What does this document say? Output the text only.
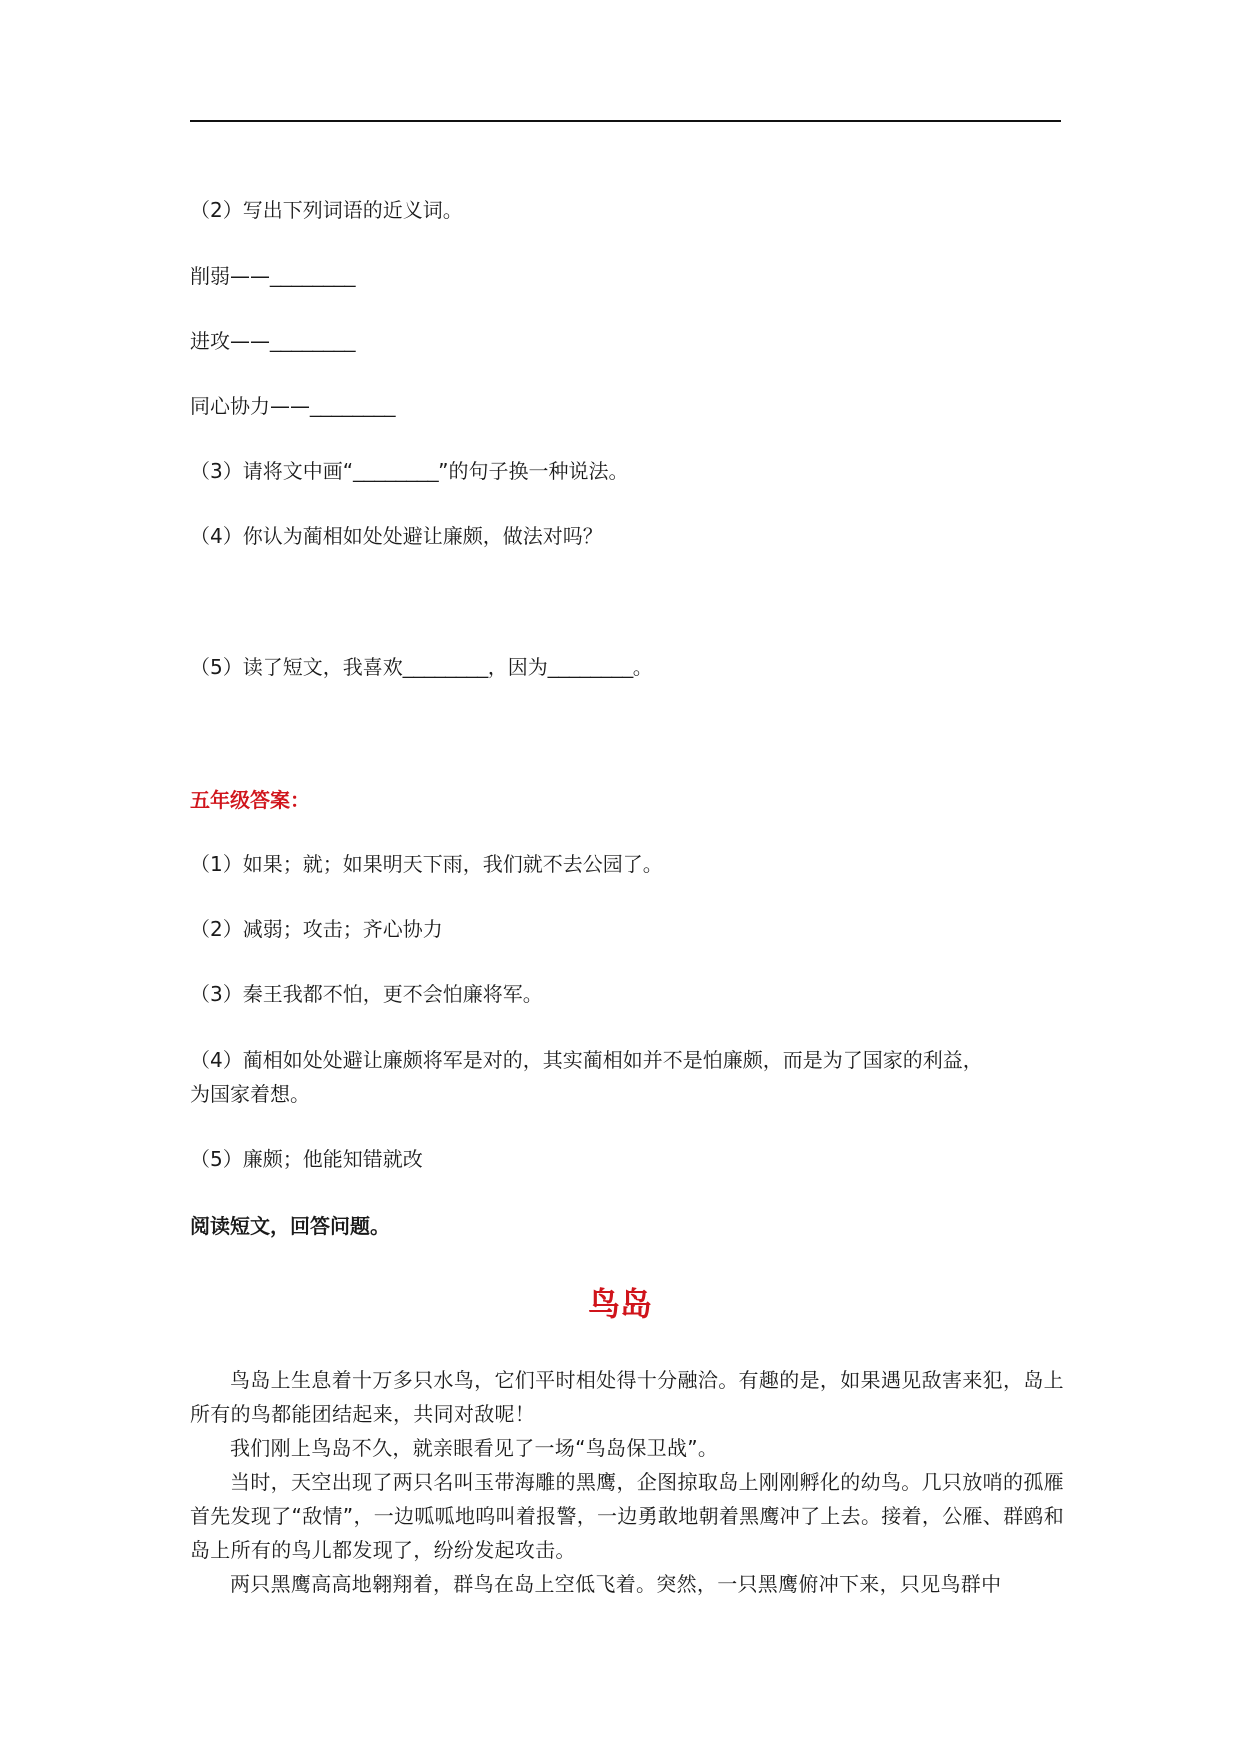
（2）写出下列词语的近义词。
削弱——________
进攻——________
同心协力——________
（3）请将文中画“________”的句子换一种说法。
（4）你认为蔺相如处处避让廉颇，做法对吗？
（5）读了短文，我喜欢________，因为________。
五年级答案：
（1）如果；就；如果明天下雨，我们就不去公园了。
（2）减弱；攻击；齐心协力
（3）秦王我都不怕，更不会怕廉将军。
（4）蔺相如处处避让廉颇将军是对的，其实蔺相如并不是怕廉颇，而是为了国家的利益，
为国家着想。
（5）廉颇；他能知错就改
阅读短文，回答问题。
鸟岛

鸟岛上生息着十万多只水鸟，它们平时相处得十分融洽。有趣的是，如果遇见敌害来犯，岛上所有的鸟都能团结起来，共同对敌呢！

我们刚上鸟岛不久，就亲眼看见了一场“鸟岛保卫战”。

当时，天空出现了两只名叫玉带海雕的黑鹰，企图掠取岛上刚刚孵化的幼鸟。几只放哨的孤雁首先发现了“敌情”，一边呱呱地呜叫着报警，一边勇敢地朝着黑鹰冲了上去。接着，公雁、群鸥和岛上所有的鸟儿都发现了，纷纷发起攻击。

两只黑鹰高高地翱翔着，群鸟在岛上空低飞着。突然，一只黑鹰俯冲下来，只见鸟群中
